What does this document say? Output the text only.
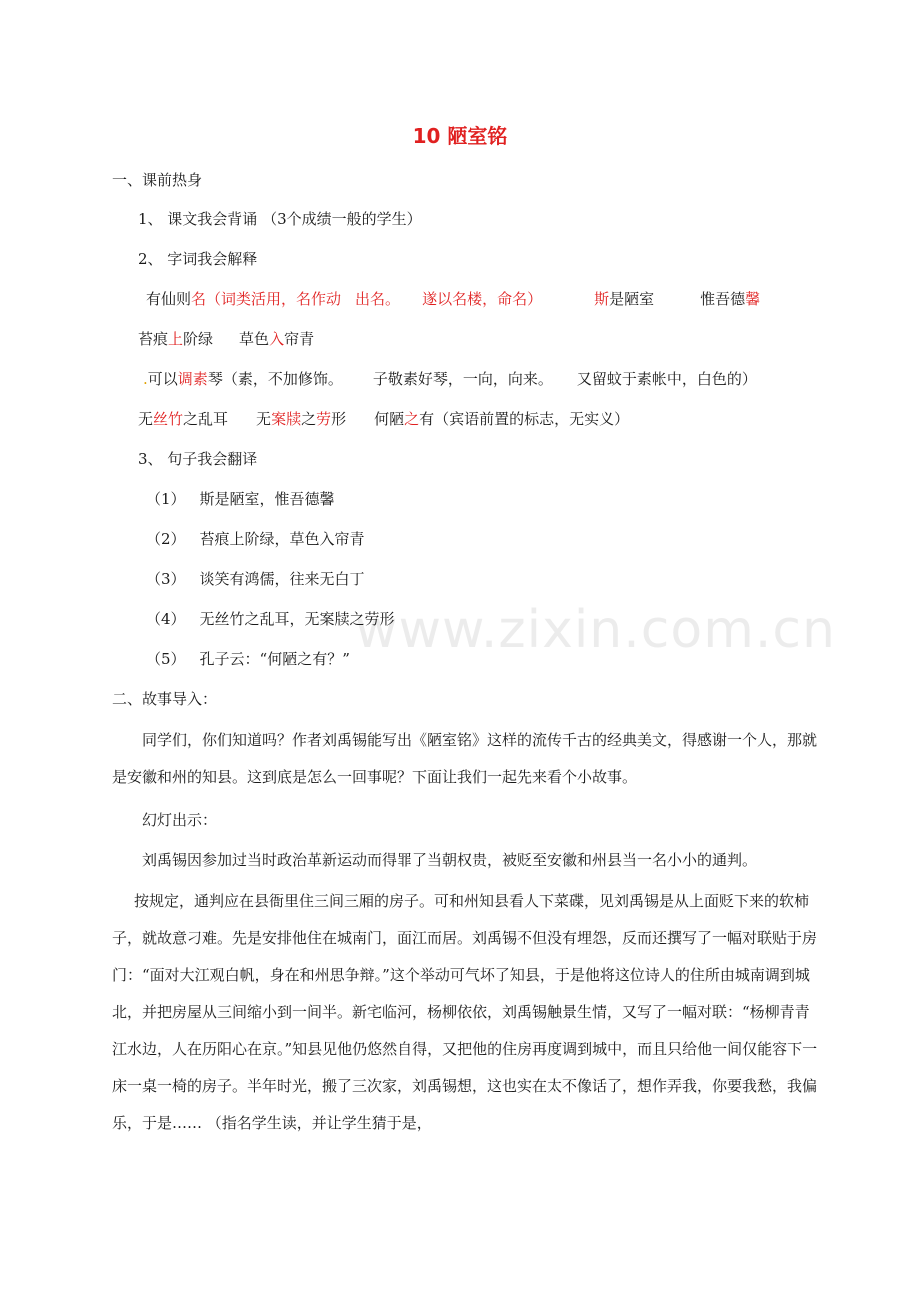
10 陋室铭
www.zixin.com.cn
一、课前热身
1、 课文我会背诵 （3个成绩一般的学生）
2、 字词我会解释
有仙则名（词类活用，名作动 出名。 遂以名楼，命名）	斯是陋室	惟吾德馨
苔痕上阶绿 草色入帘青
.可以调素琴（素，不加修饰。 子敬素好琴，一向，向来。 又留蚊于素帐中，白色的）
无丝竹之乱耳 无案牍之劳形 何陋之有（宾语前置的标志，无实义）
3、 句子我会翻译
（1） 斯是陋室，惟吾德馨
（2） 苔痕上阶绿，草色入帘青
（3） 谈笑有鸿儒，往来无白丁
（4） 无丝竹之乱耳，无案牍之劳形
（5） 孔子云：“何陋之有？”
二、故事导入：
同学们，你们知道吗？作者刘禹锡能写出《陋室铭》这样的流传千古的经典美文，得感谢一个人，那就是安徽和州的知县。这到底是怎么一回事呢？下面让我们一起先来看个小故事。
幻灯出示：
刘禹锡因参加过当时政治革新运动而得罪了当朝权贵，被贬至安徽和州县当一名小小的通判。
按规定，通判应在县衙里住三间三厢的房子。可和州知县看人下菜碟，见刘禹锡是从上面贬下来的软柿子，就故意刁难。先是安排他住在城南门，面江而居。刘禹锡不但没有埋怨，反而还撰写了一幅对联贴于房门：“面对大江观白帆，身在和州思争辩。”这个举动可气坏了知县，于是他将这位诗人的住所由城南调到城北，并把房屋从三间缩小到一间半。新宅临河，杨柳依依，刘禹锡触景生情，又写了一幅对联：“杨柳青青江水边，人在历阳心在京。”知县见他仍悠然自得，又把他的住房再度调到城中，而且只给他一间仅能容下一床一桌一椅的房子。半年时光，搬了三次家，刘禹锡想，这也实在太不像话了，想作弄我，你要我愁，我偏乐，于是…… （指名学生读，并让学生猜于是，
